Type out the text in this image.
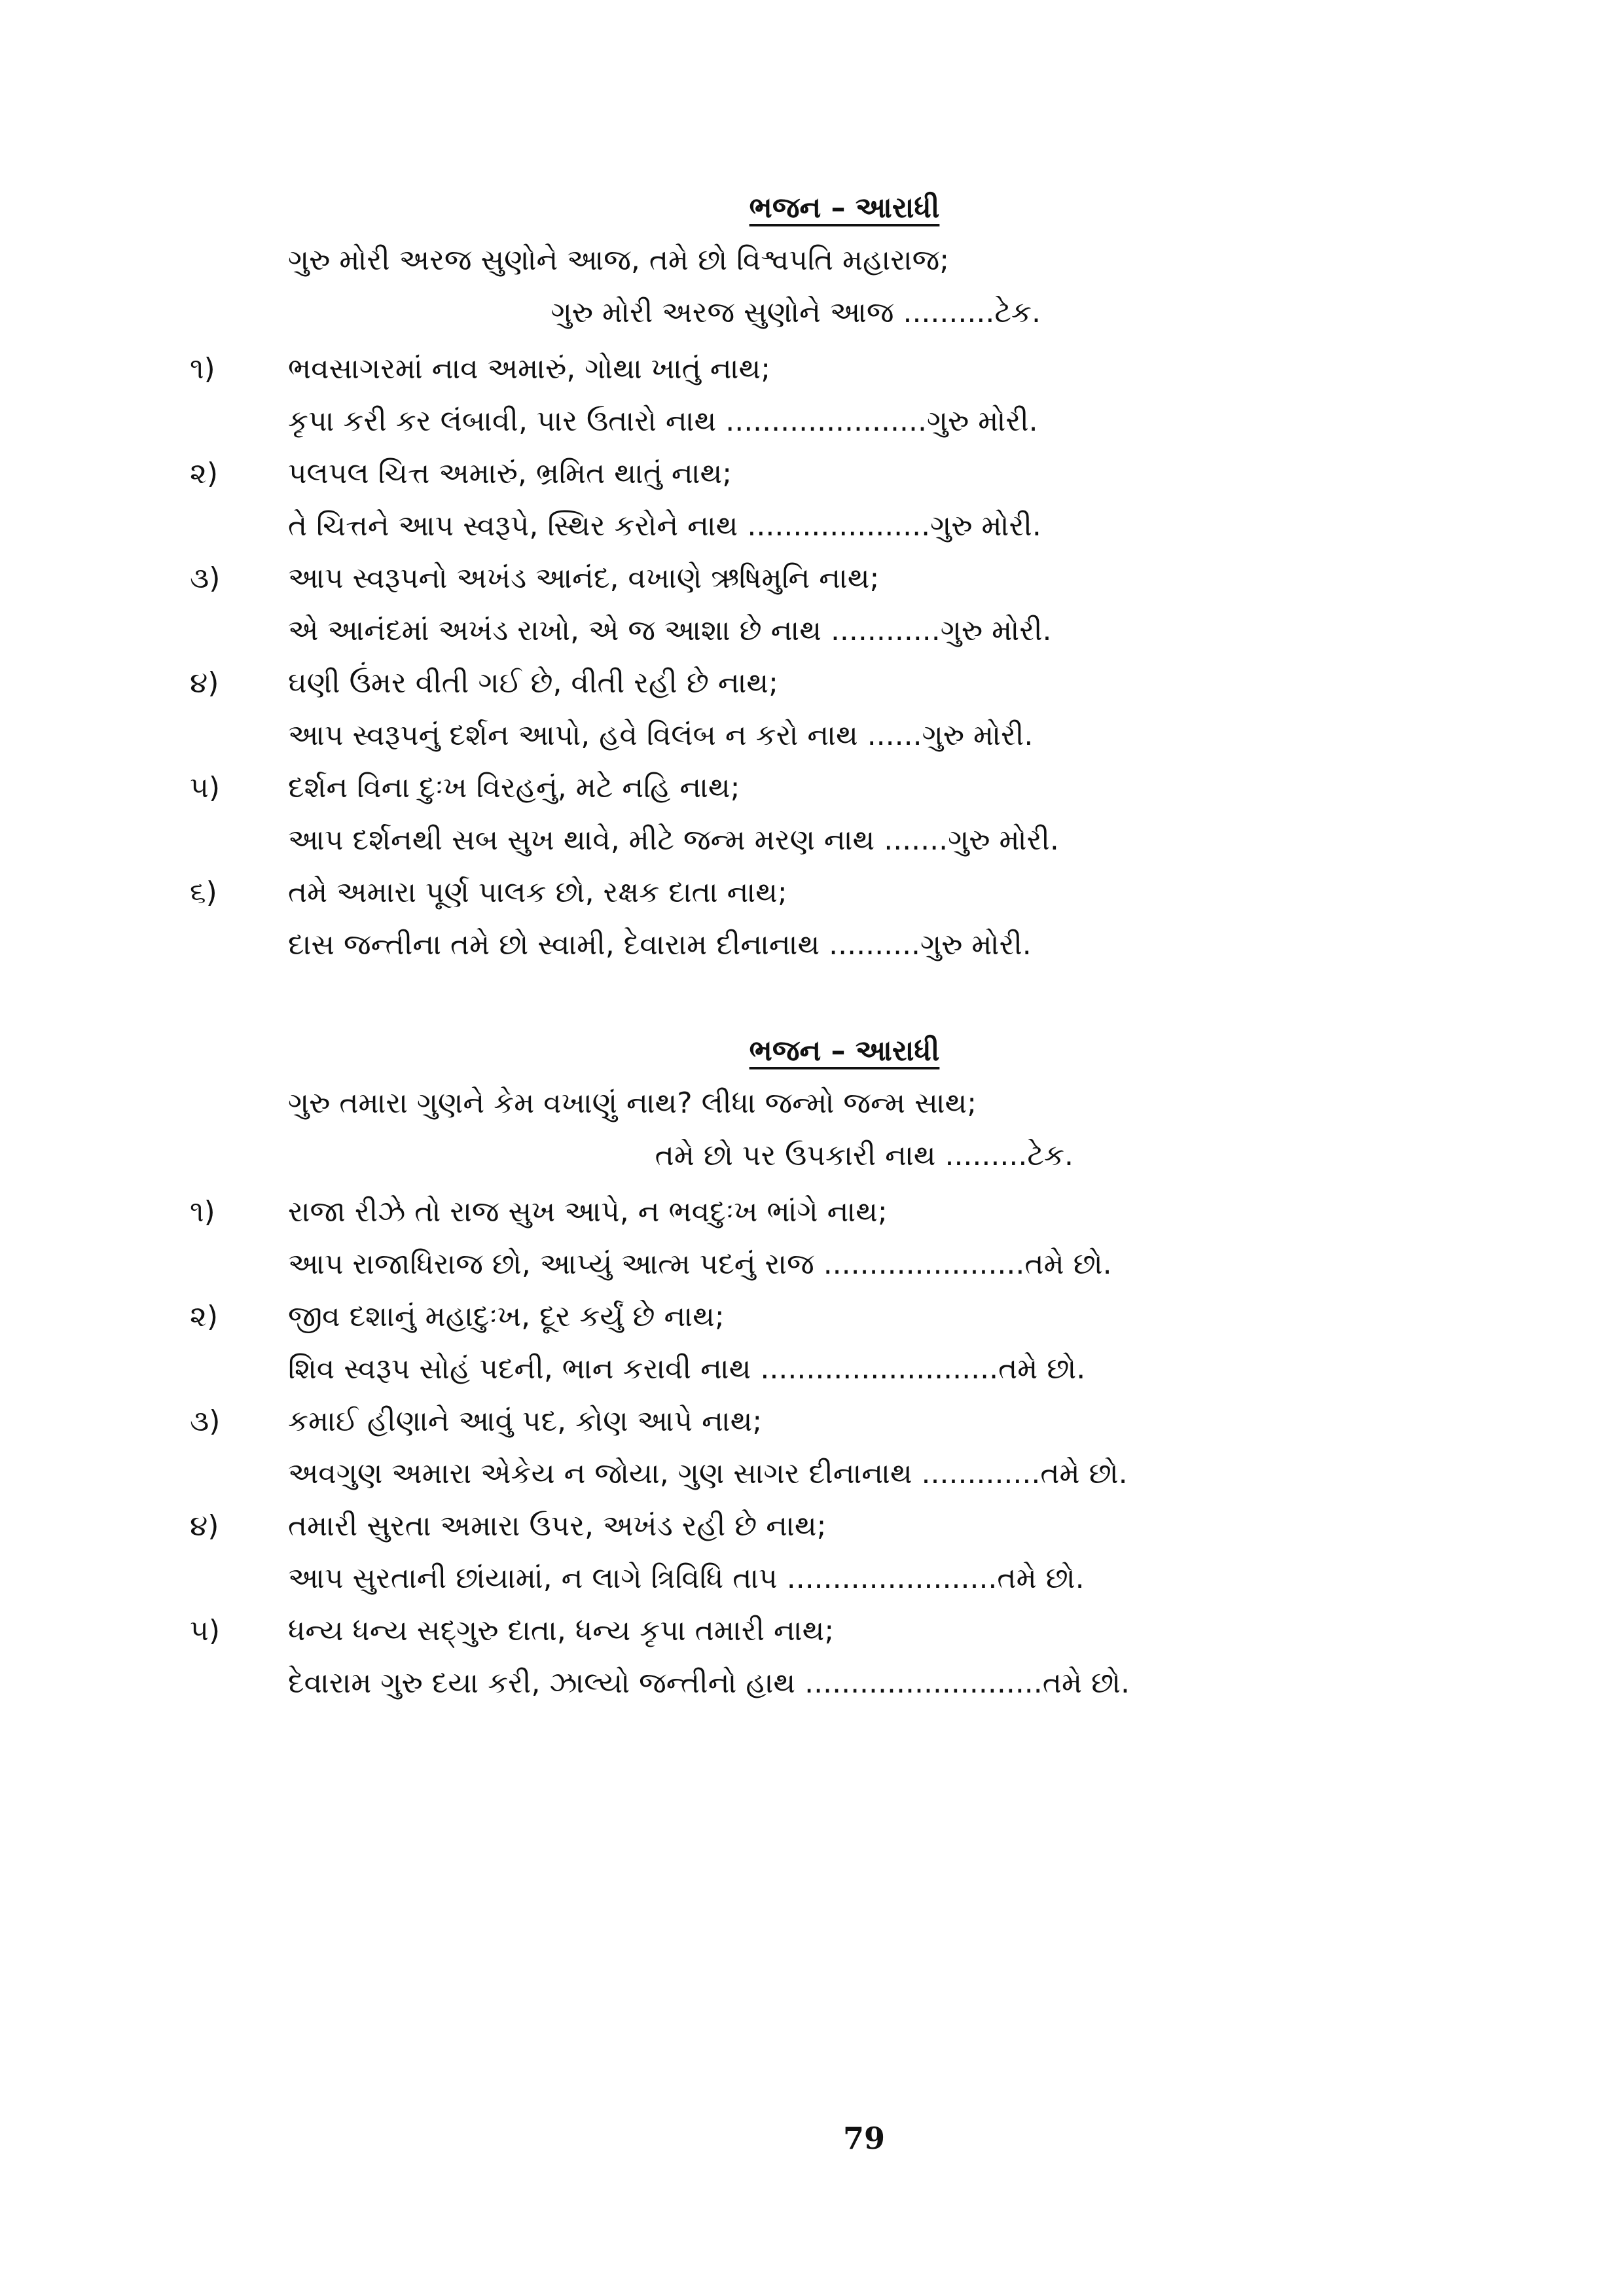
ભજન – આરાધી
ગુરુ મોરી અરજ સુણોને આજ, તમે છો વિશ્વપતિ મહારાજ;
ગુરુ મોરી અરજ સુણોને આજ ..........ટેક.
૧)	ભવસાગરમાં નાવ અમારું, ગોથા ખાતું નાથ;
કૃપા કરી કર લંબાવી, પાર ઉતારો નાથ ......................ગુરુ મોરી.
૨) પલપલ ચિત્ત અમારું, ભ્રમિત થાતું નાથ;
તે ચિત્તને આપ સ્વરૂપે, સ્થિર કરોને નાથ ....................ગુરુ મોરી.
૩) આપ સ્વરૂપનો અખંડ આનંદ, વખાણે ઋષિમુનિ નાથ;
એ આનંદમાં અખંડ રાખો, એ જ આશા છે નાથ ............ગુરુ મોરી.
૪) ઘણી ઉંમર વીતી ગઈ છે, વીતી રહી છે નાથ;
આપ સ્વરૂપનું દર્શન આપો, હવે વિલંબ ન કરો નાથ ......ગુરુ મોરી.
૫) દર્શન વિના દુઃખ વિરહનું, મટે નહિ નાથ;
આપ દર્શનથી સબ સુખ થાવે, મીટે જન્મ મરણ નાથ .......ગુરુ મોરી.
૬) તમે અમારા પૂર્ણ પાલક છો, રક્ષક દાતા નાથ;
દાસ જન્તીના તમે છો સ્વામી, દેવારામ દીનાનાથ ..........ગુરુ મોરી.
ભજન – આરાધી
ગુરુ તમારા ગુણને કેમ વખાણું નાથ? લીધા જન્મો જન્મ સાથ;
તમે છો પર ઉપકારી નાથ .........ટેક.
૧)	રાજા રીઝે તો રાજ સુખ આપે, ન ભવદુઃખ ભાંગે નાથ;
આપ રાજાધિરાજ છો, આપ્યું આત્મ પદનું રાજ ......................તમે છો.
૨) જીવ દશાનું મહાદુઃખ, દૂર કર્યું છે નાથ;
શિવ સ્વરૂપ સોહં પદની, ભાન કરાવી નાથ ..........................તમે છો.
૩) કમાઈ હીણાને આવું પદ, કોણ આપે નાથ;
અવગુણ અમારા એકેય ન જોયા, ગુણ સાગર દીનાનાથ .............તમે છો.
૪) તમારી સુરતા અમારા ઉપર, અખંડ રહી છે નાથ;
આપ સુરતાની છાંયામાં, ન લાગે ત્રિવિધિ તાપ .......................તમે છો.
૫) ધન્ય ધન્ય સદ્ગુરુ દાતા, ધન્ય કૃપા તમારી નાથ;
દેવારામ ગુરુ દયા કરી, ઝાલ્યો જન્તીનો હાથ ..........................તમે છો.
79
